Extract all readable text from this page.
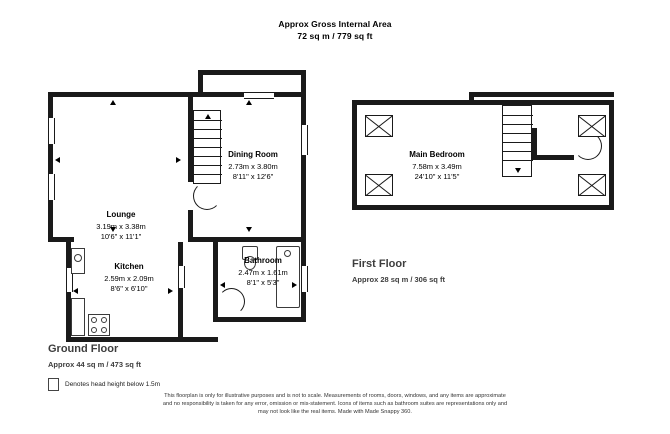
Approx Gross Internal Area
72 sq m / 779 sq ft
Lounge
3.19m x 3.38m
10'6" x 11'1"
Dining Room
2.73m x 3.80m
8'11" x 12'6"
Kitchen
2.59m x 2.09m
8'6" x 6'10"
Bathroom
2.47m x 1.61m
8'1" x 5'3"
Ground Floor
Approx 44 sq m / 473 sq ft
Main Bedroom
7.58m x 3.49m
24'10" x 11'5"
First Floor
Approx 28 sq m / 306 sq ft
Denotes head height below 1.5m
This floorplan is only for illustrative purposes and is not to scale. Measurements of rooms, doors, windows, and any items are approximate
and no responsibility is taken for any error, omission or mis-statement. Icons of items such as bathroom suites are representations only and
may not look like the real items. Made with Made Snappy 360.
